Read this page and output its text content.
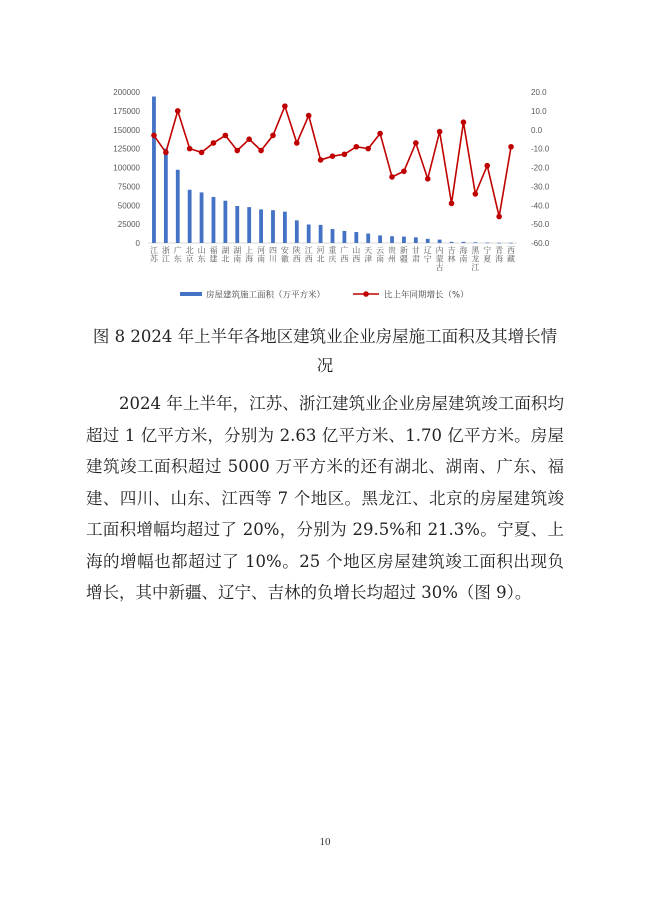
0
25000
50000
75000
100000
125000
150000
175000
200000
-60.0
-50.0
-40.0
-30.0
-20.0
-10.0
0.0
10.0
20.0
江苏
浙江
广东
北京
山东
福建
湖北
湖南
上海
河南
四川
安徽
陕西
江西
河北
重庆
广西
山西
天津
云南
贵州
新疆
甘肃
辽宁
内蒙古
吉林
海南
黑龙江
宁夏
青海
西藏
房屋建筑施工面积（万平方米）	比上年同期增长（%）
图 8 2024 年上半年各地区建筑业企业房屋施工面积及其增长情况

2024 年上半年，江苏、浙江建筑业企业房屋建筑竣工面积均超过 1 亿平方米，分别为 2.63 亿平方米、1.70 亿平方米。房屋建筑竣工面积超过 5000 万平方米的还有湖北、湖南、广东、福建、四川、山东、江西等 7 个地区。黑龙江、北京的房屋建筑竣工面积增幅均超过了 20%，分别为 29.5%和 21.3%。宁夏、上海的增幅也都超过了 10%。25 个地区房屋建筑竣工面积出现负增长，其中新疆、辽宁、吉林的负增长均超过 30%（图 9）。

10
